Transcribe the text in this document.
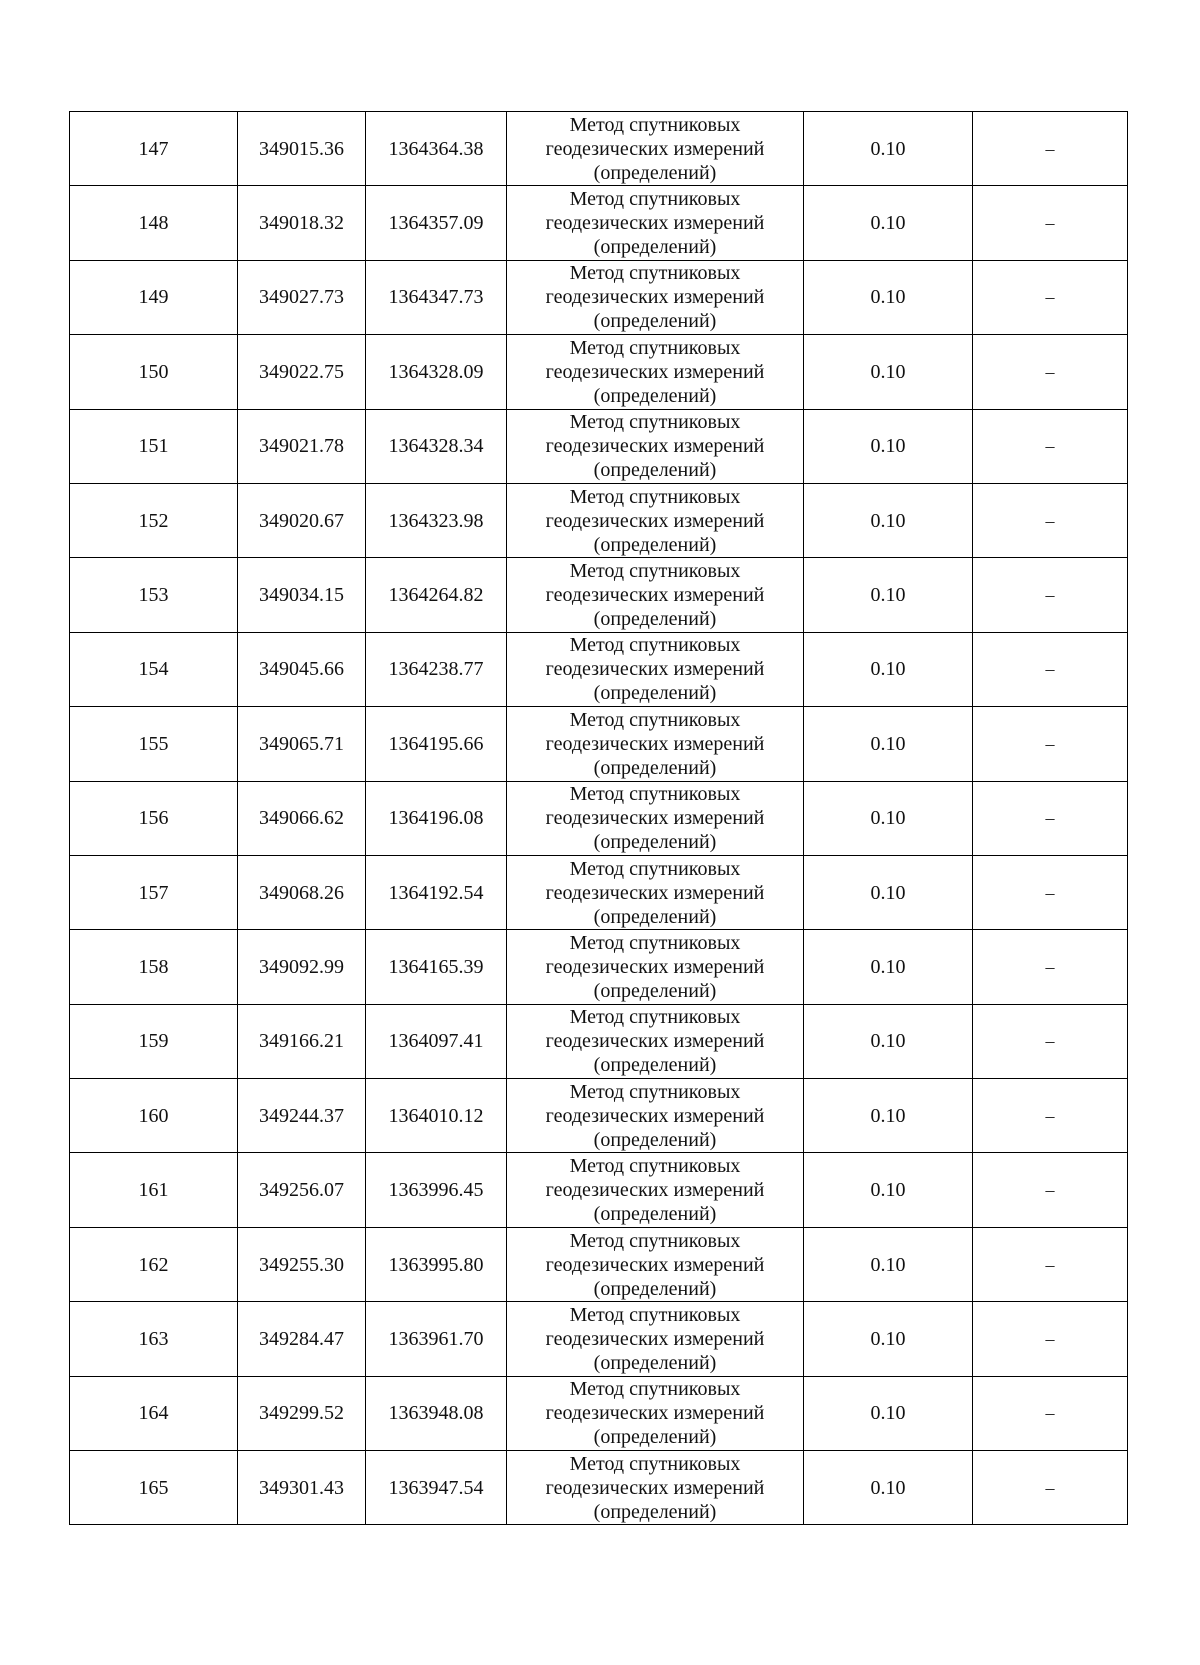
147	349015.36	1364364.38	Метод спутниковых
геодезических измерений
(определений)	0.10	–
148	349018.32	1364357.09	Метод спутниковых
геодезических измерений
(определений)	0.10	–
149	349027.73	1364347.73	Метод спутниковых
геодезических измерений
(определений)	0.10	–
150	349022.75	1364328.09	Метод спутниковых
геодезических измерений
(определений)	0.10	–
151	349021.78	1364328.34	Метод спутниковых
геодезических измерений
(определений)	0.10	–
152	349020.67	1364323.98	Метод спутниковых
геодезических измерений
(определений)	0.10	–
153	349034.15	1364264.82	Метод спутниковых
геодезических измерений
(определений)	0.10	–
154	349045.66	1364238.77	Метод спутниковых
геодезических измерений
(определений)	0.10	–
155	349065.71	1364195.66	Метод спутниковых
геодезических измерений
(определений)	0.10	–
156	349066.62	1364196.08	Метод спутниковых
геодезических измерений
(определений)	0.10	–
157	349068.26	1364192.54	Метод спутниковых
геодезических измерений
(определений)	0.10	–
158	349092.99	1364165.39	Метод спутниковых
геодезических измерений
(определений)	0.10	–
159	349166.21	1364097.41	Метод спутниковых
геодезических измерений
(определений)	0.10	–
160	349244.37	1364010.12	Метод спутниковых
геодезических измерений
(определений)	0.10	–
161	349256.07	1363996.45	Метод спутниковых
геодезических измерений
(определений)	0.10	–
162	349255.30	1363995.80	Метод спутниковых
геодезических измерений
(определений)	0.10	–
163	349284.47	1363961.70	Метод спутниковых
геодезических измерений
(определений)	0.10	–
164	349299.52	1363948.08	Метод спутниковых
геодезических измерений
(определений)	0.10	–
165	349301.43	1363947.54	Метод спутниковых
геодезических измерений
(определений)	0.10	–
